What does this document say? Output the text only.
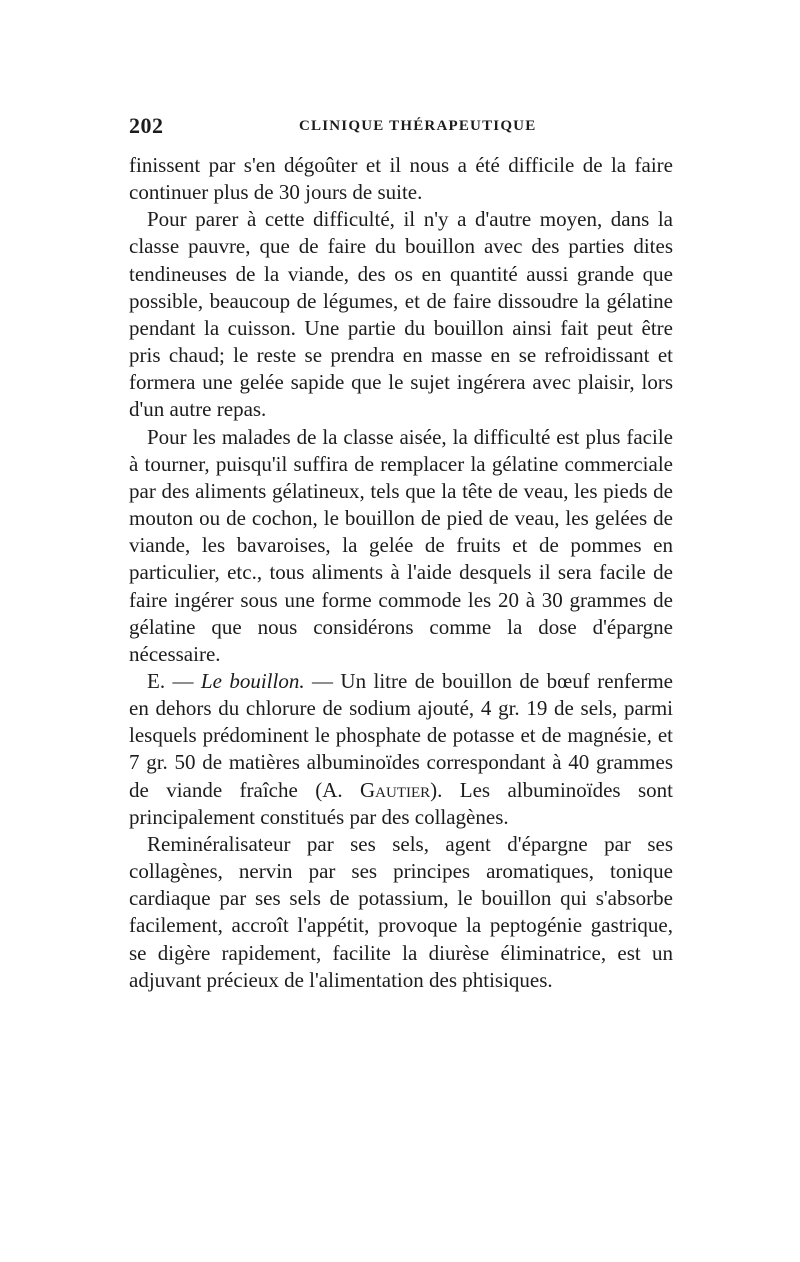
202	CLINIQUE THÉRAPEUTIQUE

finissent par s'en dégoûter et il nous a été difficile de la faire continuer plus de 30 jours de suite.

Pour parer à cette difficulté, il n'y a d'autre moyen, dans la classe pauvre, que de faire du bouillon avec des parties dites tendineuses de la viande, des os en quantité aussi grande que possible, beaucoup de légumes, et de faire dissoudre la gélatine pendant la cuisson. Une partie du bouillon ainsi fait peut être pris chaud; le reste se prendra en masse en se refroidissant et formera une gelée sapide que le sujet ingérera avec plaisir, lors d'un autre repas.

Pour les malades de la classe aisée, la difficulté est plus facile à tourner, puisqu'il suffira de remplacer la gélatine commerciale par des aliments gélatineux, tels que la tête de veau, les pieds de mouton ou de cochon, le bouillon de pied de veau, les gelées de viande, les bavaroises, la gelée de fruits et de pommes en particulier, etc., tous aliments à l'aide desquels il sera facile de faire ingérer sous une forme commode les 20 à 30 grammes de gélatine que nous considérons comme la dose d'épargne nécessaire.

E. — Le bouillon. — Un litre de bouillon de bœuf renferme en dehors du chlorure de sodium ajouté, 4 gr. 19 de sels, parmi lesquels prédominent le phosphate de potasse et de magnésie, et 7 gr. 50 de matières albuminoïdes correspondant à 40 grammes de viande fraîche (A. Gautier). Les albuminoïdes sont principalement constitués par des collagènes.

Reminéralisateur par ses sels, agent d'épargne par ses collagènes, nervin par ses principes aromatiques, tonique cardiaque par ses sels de potassium, le bouillon qui s'absorbe facilement, accroît l'appétit, provoque la peptogénie gastrique, se digère rapidement, facilite la diurèse éliminatrice, est un adjuvant précieux de l'alimentation des phtisiques.
